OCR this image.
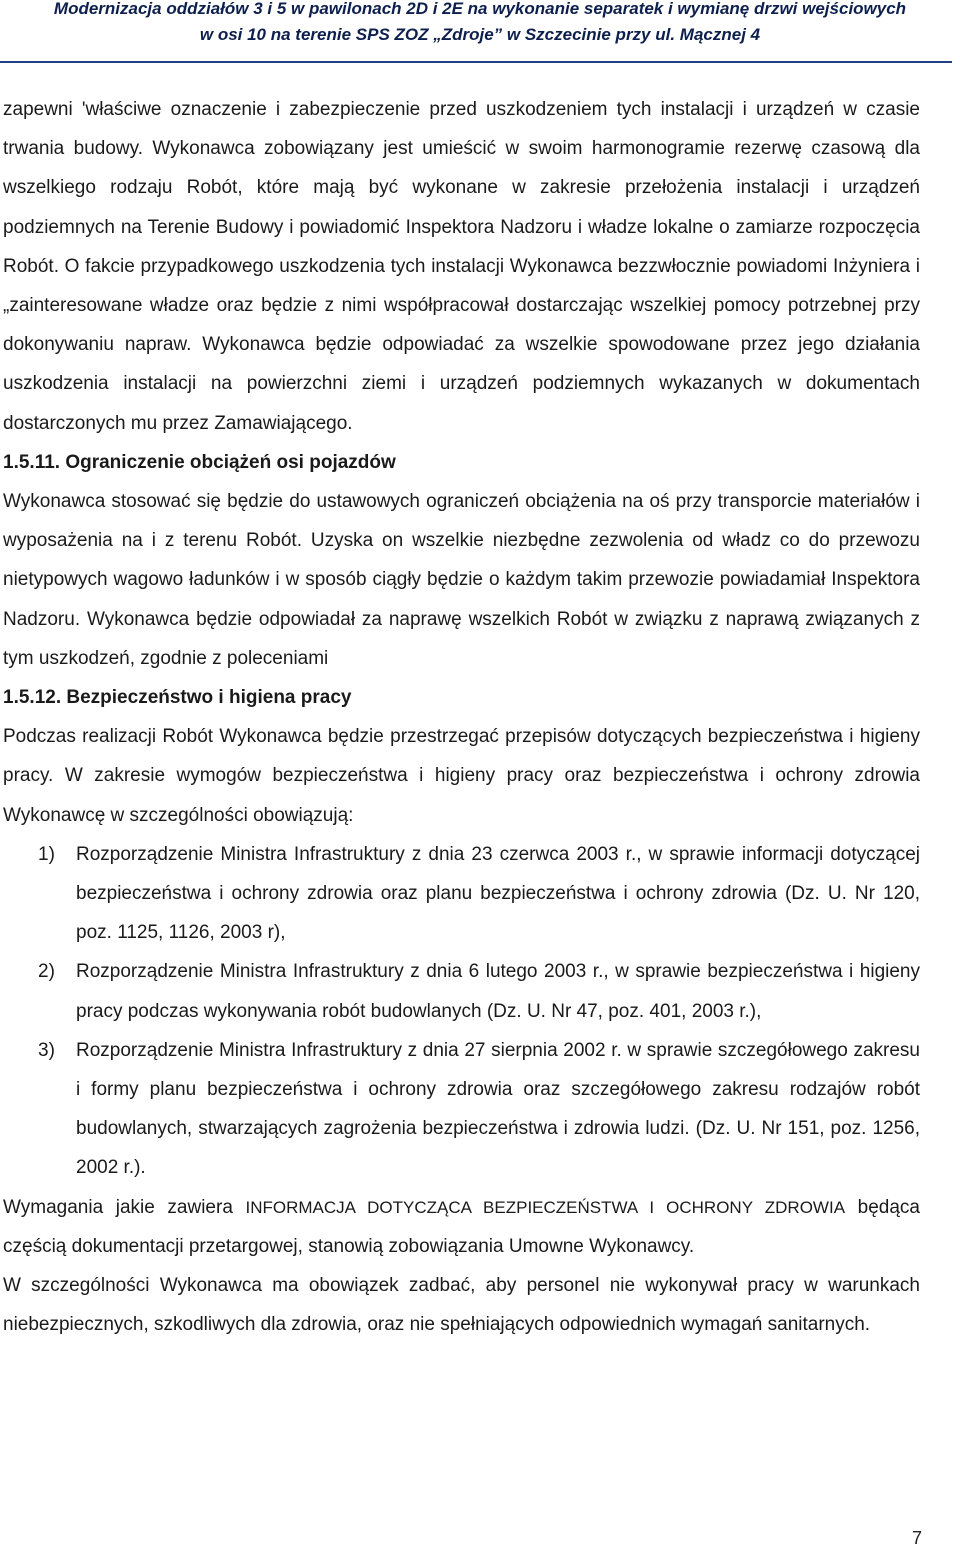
Modernizacja oddziałów 3 i 5 w pawilonach 2D i 2E na wykonanie separatek i wymianę drzwi wejściowych
w osi 10 na terenie SPS ZOZ „Zdroje” w Szczecinie przy ul. Mącznej 4

zapewni 'właściwe oznaczenie i zabezpieczenie przed uszkodzeniem tych instalacji i urządzeń w czasie trwania budowy. Wykonawca zobowiązany jest umieścić w swoim harmonogramie rezerwę czasową dla wszelkiego rodzaju Robót, które mają być wykonane w zakresie przełożenia instalacji i urządzeń podziemnych na Terenie Budowy i powiadomić Inspektora Nadzoru i władze lokalne o zamiarze rozpoczęcia Robót. O fakcie przypadkowego uszkodzenia tych instalacji Wykonawca bezzwłocznie powiadomi Inżyniera i „zainteresowane władze oraz będzie z nimi współpracował dostarczając wszelkiej pomocy potrzebnej przy dokonywaniu napraw. Wykonawca będzie odpowiadać za wszelkie spowodowane przez jego działania uszkodzenia instalacji na powierzchni ziemi i urządzeń podziemnych wykazanych w dokumentach dostarczonych mu przez Zamawiającego.

1.5.11. Ograniczenie obciążeń osi pojazdów

Wykonawca stosować się będzie do ustawowych ograniczeń obciążenia na oś przy transporcie materiałów i wyposażenia na i z terenu Robót. Uzyska on wszelkie niezbędne zezwolenia od władz co do przewozu nietypowych wagowo ładunków i w sposób ciągły będzie o każdym takim przewozie powiadamiał Inspektora Nadzoru. Wykonawca będzie odpowiadał za naprawę wszelkich Robót w związku z naprawą związanych z tym uszkodzeń, zgodnie z poleceniami

1.5.12. Bezpieczeństwo i higiena pracy

Podczas realizacji Robót Wykonawca będzie przestrzegać przepisów dotyczących bezpieczeństwa i higieny pracy. W zakresie wymogów bezpieczeństwa i higieny pracy oraz bezpieczeństwa i ochrony zdrowia Wykonawcę w szczególności obowiązują:

1) Rozporządzenie Ministra Infrastruktury z dnia 23 czerwca 2003 r., w sprawie informacji dotyczącej bezpieczeństwa i ochrony zdrowia oraz planu bezpieczeństwa i ochrony zdrowia (Dz. U. Nr 120, poz. 1125, 1126, 2003 r),
2) Rozporządzenie Ministra Infrastruktury z dnia 6 lutego 2003 r., w sprawie bezpieczeństwa i higieny pracy podczas wykonywania robót budowlanych (Dz. U. Nr 47, poz. 401, 2003 r.),
3) Rozporządzenie Ministra Infrastruktury z dnia 27 sierpnia 2002 r. w sprawie szczegółowego zakresu i formy planu bezpieczeństwa i ochrony zdrowia oraz szczegółowego zakresu rodzajów robót budowlanych, stwarzających zagrożenia bezpieczeństwa i zdrowia ludzi. (Dz. U. Nr 151, poz. 1256, 2002 r.).

Wymagania jakie zawiera INFORMACJA DOTYCZĄCA BEZPIECZEŃSTWA I OCHRONY ZDROWIA będąca częścią dokumentacji przetargowej, stanowią zobowiązania Umowne Wykonawcy.

W szczególności Wykonawca ma obowiązek zadbać, aby personel nie wykonywał pracy w warunkach niebezpiecznych, szkodliwych dla zdrowia, oraz nie spełniających odpowiednich wymagań sanitarnych.

7
